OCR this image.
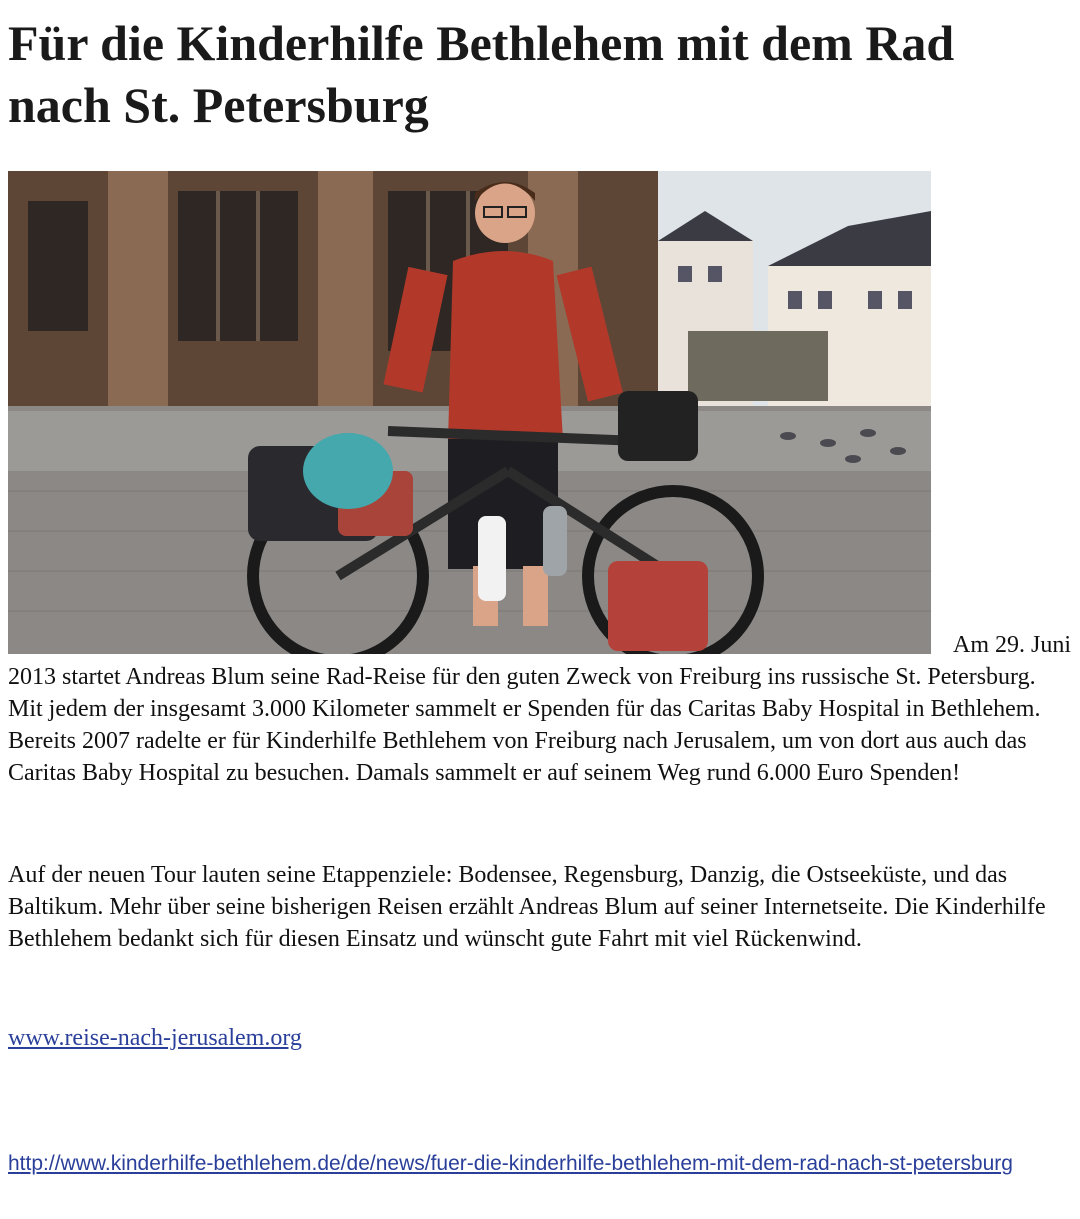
Für die Kinderhilfe Bethlehem mit dem Rad nach St. Petersburg
Am 29. Juni

2013 startet Andreas Blum seine Rad-Reise für den guten Zweck von Freiburg ins russische St. Petersburg. Mit jedem der insgesamt 3.000 Kilometer sammelt er Spenden für das Caritas Baby Hospital in Bethlehem. Bereits 2007 radelte er für Kinderhilfe Bethlehem von Freiburg nach Jerusalem, um von dort aus auch das Caritas Baby Hospital zu besuchen. Damals sammelt er auf seinem Weg rund 6.000 Euro Spenden!

Auf der neuen Tour lauten seine Etappenziele: Bodensee, Regensburg, Danzig, die Ostseeküste, und das Baltikum. Mehr über seine bisherigen Reisen erzählt Andreas Blum auf seiner Internetseite. Die Kinderhilfe Bethlehem bedankt sich für diesen Einsatz und wünscht gute Fahrt mit viel Rückenwind.

www.reise-nach-jerusalem.org
http://www.kinderhilfe-bethlehem.de/de/news/fuer-die-kinderhilfe-bethlehem-mit-dem-rad-nach-st-petersburg
